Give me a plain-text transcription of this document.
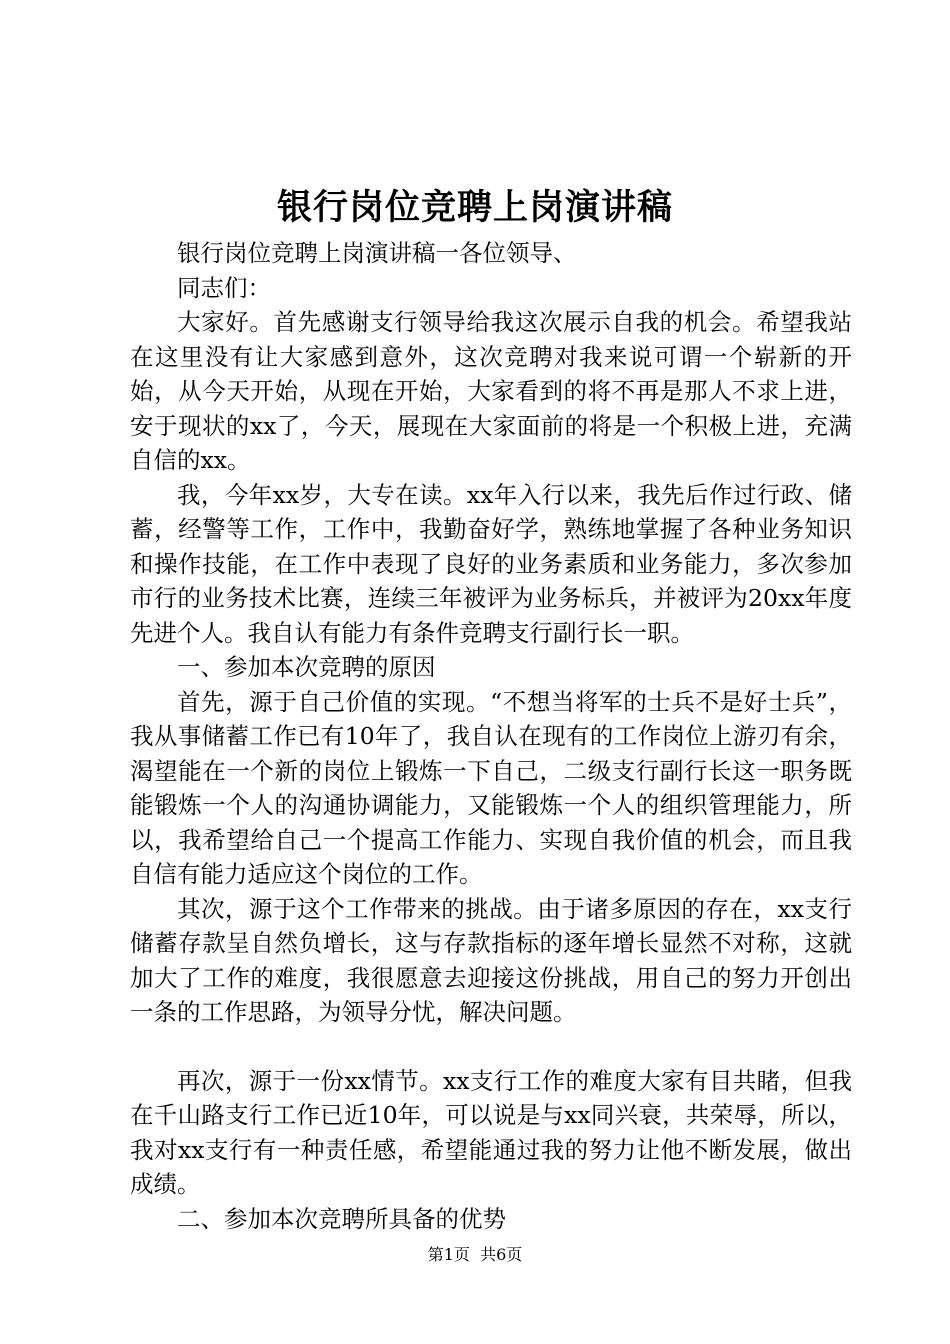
银行岗位竞聘上岗演讲稿

银行岗位竞聘上岗演讲稿一各位领导、

同志们：

大家好。首先感谢支行领导给我这次展示自我的机会。希望我站在这里没有让大家感到意外，这次竞聘对我来说可谓一个崭新的开始，从今天开始，从现在开始，大家看到的将不再是那人不求上进，安于现状的xx了，今天，展现在大家面前的将是一个积极上进，充满自信的xx。

我，今年xx岁，大专在读。xx年入行以来，我先后作过行政、储蓄，经警等工作，工作中，我勤奋好学，熟练地掌握了各种业务知识和操作技能，在工作中表现了良好的业务素质和业务能力，多次参加市行的业务技术比赛，连续三年被评为业务标兵，并被评为20xx年度先进个人。我自认有能力有条件竞聘支行副行长一职。

一、参加本次竞聘的原因

首先，源于自己价值的实现。“不想当将军的士兵不是好士兵”，我从事储蓄工作已有10年了，我自认在现有的工作岗位上游刃有余，渴望能在一个新的岗位上锻炼一下自己，二级支行副行长这一职务既能锻炼一个人的沟通协调能力，又能锻炼一个人的组织管理能力，所以，我希望给自己一个提高工作能力、实现自我价值的机会，而且我自信有能力适应这个岗位的工作。

其次，源于这个工作带来的挑战。由于诸多原因的存在，xx支行储蓄存款呈自然负增长，这与存款指标的逐年增长显然不对称，这就加大了工作的难度，我很愿意去迎接这份挑战，用自己的努力开创出一条的工作思路，为领导分忧，解决问题。

再次，源于一份xx情节。xx支行工作的难度大家有目共睹，但我在千山路支行工作已近10年，可以说是与xx同兴衰，共荣辱，所以，我对xx支行有一种责任感，希望能通过我的努力让他不断发展，做出成绩。

二、参加本次竞聘所具备的优势

第1页 共6页
